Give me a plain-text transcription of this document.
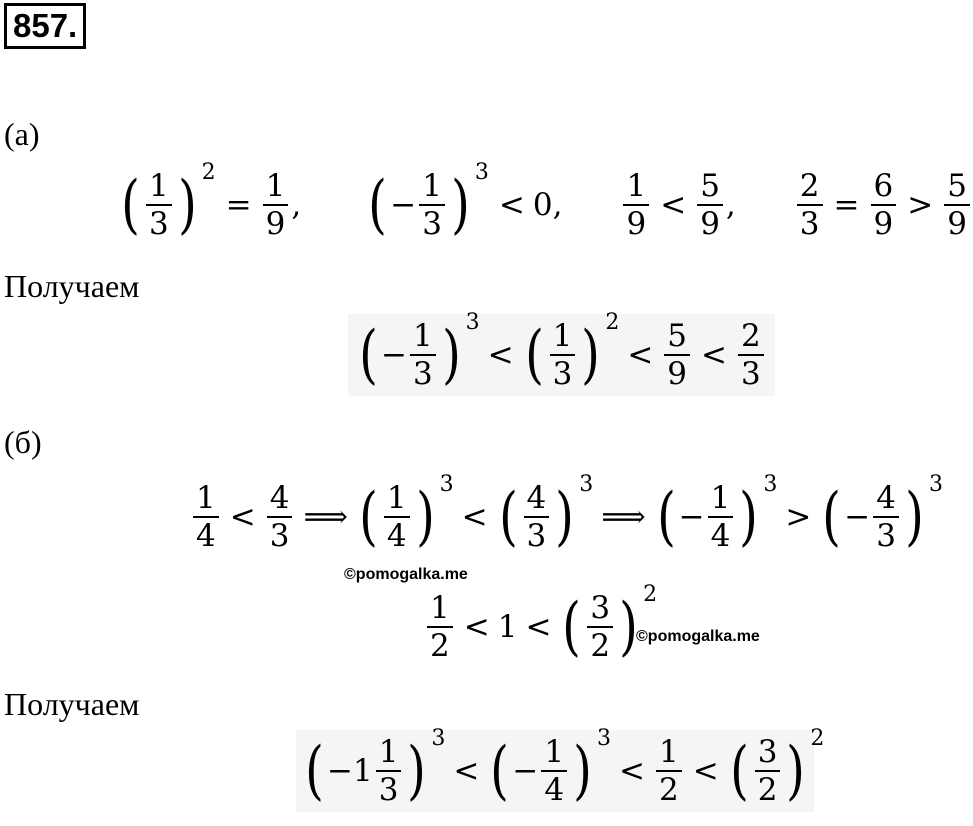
857.
(а)
( $\frac{1}{3} )^2$
= $\frac{1}{9}$ , ( − $\frac{1}{3} )^3$
< 0, $\frac{1}{9} < \frac{5}{9}$ , $\frac{2}{3} = \frac{6}{9} > \frac{5}{9}$
Получаем
( − $\frac{1}{3} )^3$
< ( $\frac{1}{3} )^2$
< $\frac{5}{9} < \frac{2}{3}$
(б)
$\frac{1}{4} < \frac{4}{3}$ ⟹ ( $\frac{1}{4} )^3$
< ( $\frac{4}{3} )^3$
⟹ ( − $\frac{1}{4} )^3$
> ( − $\frac{4}{3} )^3$
©pomogalka.me
$\frac{1}{2} < 1$ < ( $\frac{3}{2} )^2$
©pomogalka.me
Получаем
( − $1 \frac{1}{3} )^3$
< ( − $\frac{1}{4} )^3$
< $\frac{1}{2}$ < ( $\frac{3}{2} )^2$
